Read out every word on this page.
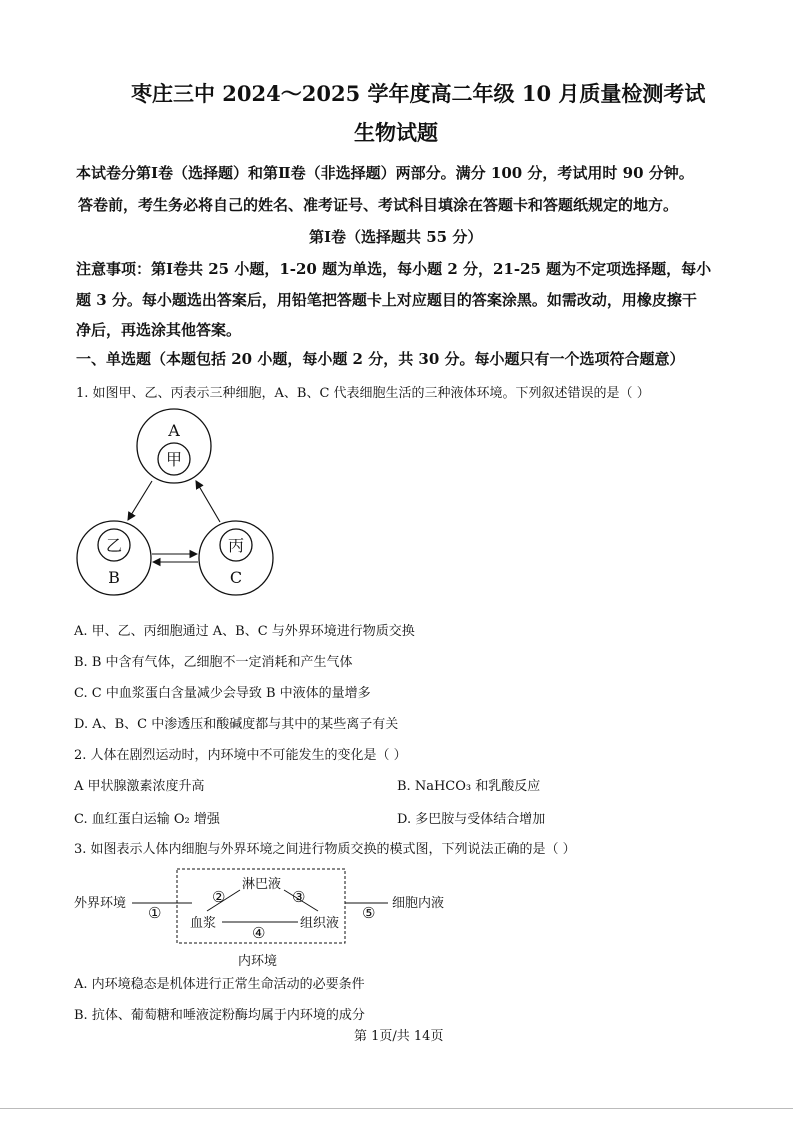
枣庄三中 2024～2025 学年度高二年级 10 月质量检测考试
生物试题
本试卷分第Ⅰ卷（选择题）和第Ⅱ卷（非选择题）两部分。满分 100 分，考试用时 90 分钟。
答卷前，考生务必将自己的姓名、准考证号、考试科目填涂在答题卡和答题纸规定的地方。
第Ⅰ卷（选择题共 55 分）
注意事项：第Ⅰ卷共 25 小题，1-20 题为单选，每小题 2 分，21-25 题为不定项选择题，每小
题 3 分。每小题选出答案后，用铅笔把答题卡上对应题目的答案涂黑。如需改动，用橡皮擦干
净后，再选涂其他答案。
一、单选题（本题包括 20 小题，每小题 2 分，共 30 分。每小题只有一个选项符合题意）
1. 如图甲、乙、丙表示三种细胞，A、B、C 代表细胞生活的三种液体环境。下列叙述错误的是（ ）
A
甲
乙
B
丙
C
A. 甲、乙、丙细胞通过 A、B、C 与外界环境进行物质交换
B. B 中含有气体，乙细胞不一定消耗和产生气体
C. C 中血浆蛋白含量减少会导致 B 中液体的量增多
D. A、B、C 中渗透压和酸碱度都与其中的某些离子有关
2. 人体在剧烈运动时，内环境中不可能发生的变化是（ ）
A 甲状腺激素浓度升高	B. NaHCO₃ 和乳酸反应
C. 血红蛋白运输 O₂ 增强	D. 多巴胺与受体结合增加
3. 如图表示人体内细胞与外界环境之间进行物质交换的模式图，下列说法正确的是（ ）
外界环境
①
淋巴液
血浆	组织液
②	③
④
⑤
细胞内液
内环境
A. 内环境稳态是机体进行正常生命活动的必要条件
B. 抗体、葡萄糖和唾液淀粉酶均属于内环境的成分
第 1页/共 14页
